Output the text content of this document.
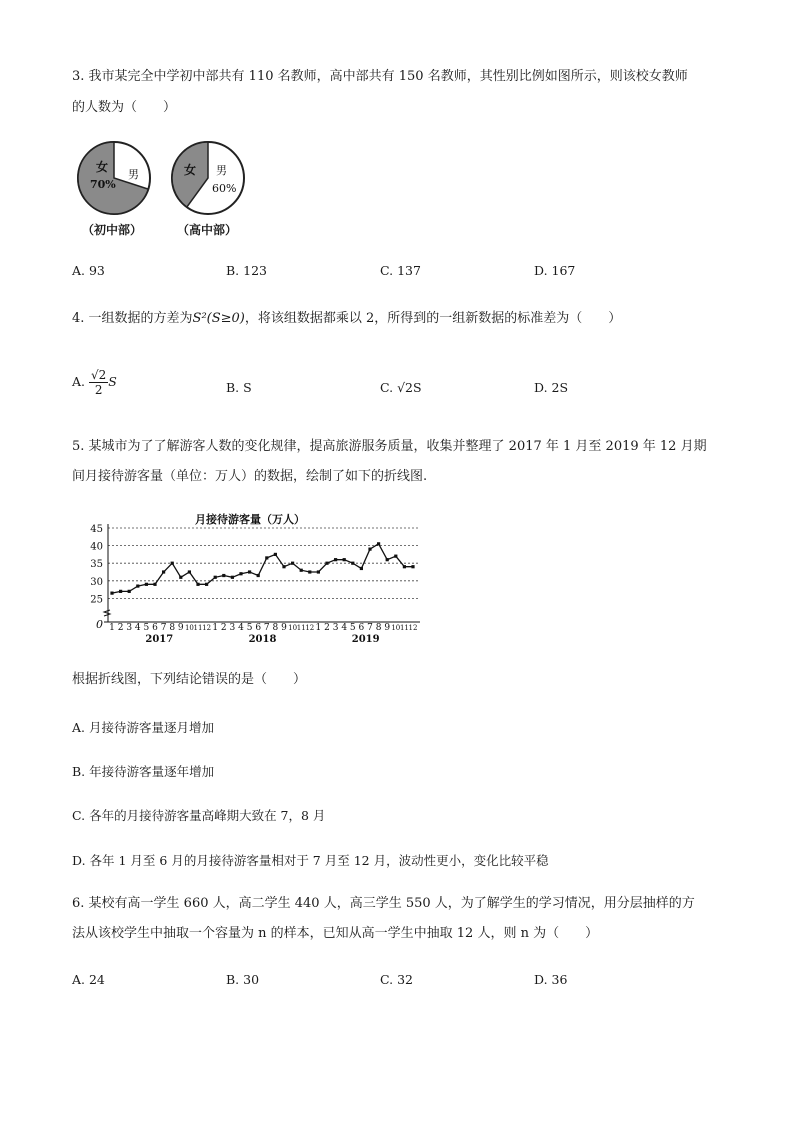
3. 我市某完全中学初中部共有 110 名教师，高中部共有 150 名教师，其性别比例如图所示，则该校女教师
的人数为（　　）
女
70%
男
（初中部）
女 男
60%
（高中部）
A. 93	B. 123	C. 137	D. 167
4. 一组数据的方差为S²(S≥0)，将该组数据都乘以 2，所得到的一组新数据的标准差为（　　）
A. $\frac{√2}{2}$ S	B. S	C. √2S	D. 2S
5. 某城市为了了解游客人数的变化规律，提高旅游服务质量，收集并整理了 2017 年 1 月至 2019 年 12 月期
间月接待游客量（单位：万人）的数据，绘制了如下的折线图.
月接待游客量（万人）
25
30
35
40
45
1 2 3 4 5 6 7 8 9 10 11 12 1 2 3 4 5 6 7 8 9 10 11 12 1 2 3 4 5 6 7 8 9 10 11 12
2017	2018	2019
0
根据折线图，下列结论错误的是（　　）
A. 月接待游客量逐月增加
B. 年接待游客量逐年增加
C. 各年的月接待游客量高峰期大致在 7，8 月
D. 各年 1 月至 6 月的月接待游客量相对于 7 月至 12 月，波动性更小，变化比较平稳
6. 某校有高一学生 660 人，高二学生 440 人，高三学生 550 人，为了解学生的学习情况，用分层抽样的方
法从该校学生中抽取一个容量为 n 的样本，已知从高一学生中抽取 12 人，则 n 为（　　）
A. 24	B. 30	C. 32	D. 36
